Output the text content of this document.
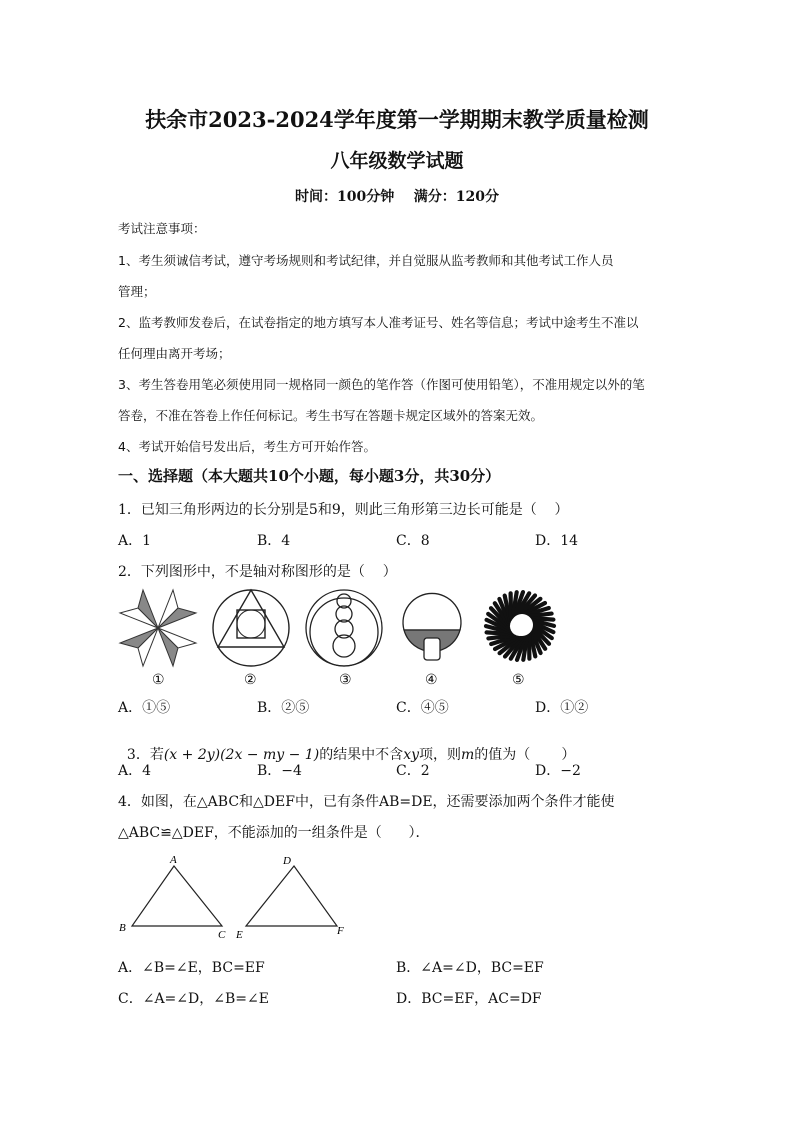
扶余市2023-2024学年度第一学期期末教学质量检测
八年级数学试题
时间：100分钟    满分：120分
考试注意事项：
1、考生须诚信考试，遵守考场规则和考试纪律，并自觉服从监考教师和其他考试工作人员
管理；
2、监考教师发卷后，在试卷指定的地方填写本人准考证号、姓名等信息；考试中途考生不准以
任何理由离开考场；
3、考生答卷用笔必须使用同一规格同一颜色的笔作答（作图可使用铅笔），不准用规定以外的笔
答卷，不准在答卷上作任何标记。考生书写在答题卡规定区域外的答案无效。
4、考试开始信号发出后，考生方可开始作答。
一、选择题（本大题共10个小题，每小题3分，共30分）
1．已知三角形两边的长分别是5和9，则此三角形第三边长可能是（    ）
A．1	B．4	C．8	D．14
2．下列图形中，不是轴对称图形的是（    ）
①	②	③	④	⑤
A．①⑤	B．②⑤	C．④⑤	D．①②

3．若(x + 2y)(2x − my − 1)的结果中不含xy项，则m的值为（       ）

A．4	B．−4	C．2	D．−2
4．如图，在△ABC和△DEF中，已有条件AB=DE，还需要添加两个条件才能使
△ABC≌△DEF，不能添加的一组条件是（      ）．
A
B
C
D
E	F
A．∠B=∠E，BC=EF	B．∠A=∠D，BC=EF
C．∠A=∠D，∠B=∠E	D．BC=EF，AC=DF
